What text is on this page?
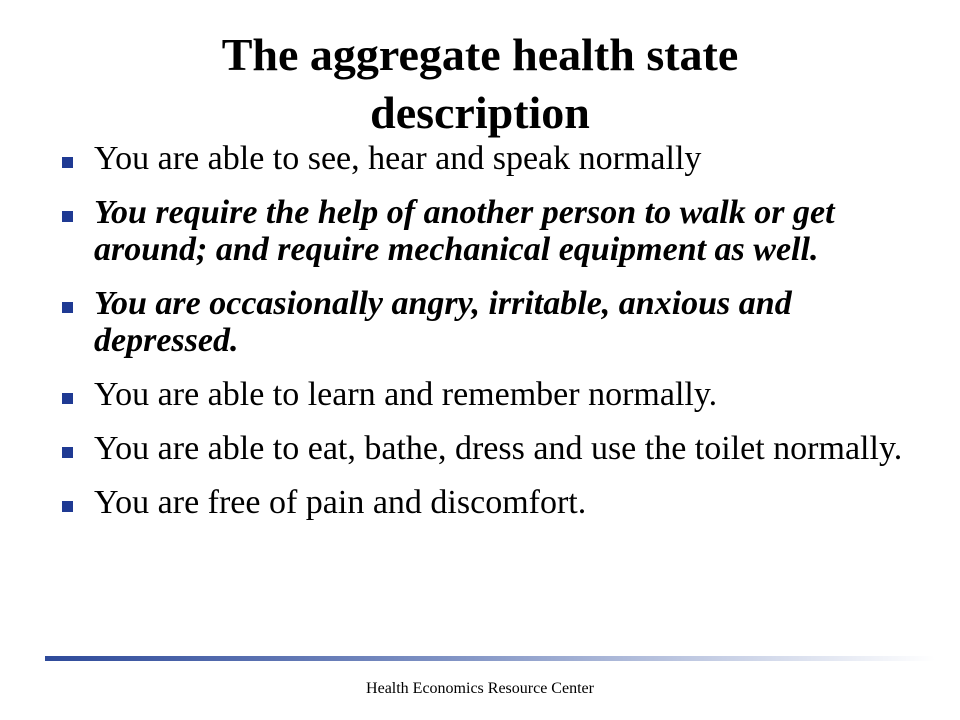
The aggregate health state description
You are able to see, hear and speak normally
You require the help of another person to walk or get around; and require mechanical equipment as well.
You are occasionally angry, irritable, anxious and depressed.
You are able to learn and remember normally.
You are able to eat, bathe, dress and use the toilet normally.
You are free of pain and discomfort.
Health Economics Resource Center
